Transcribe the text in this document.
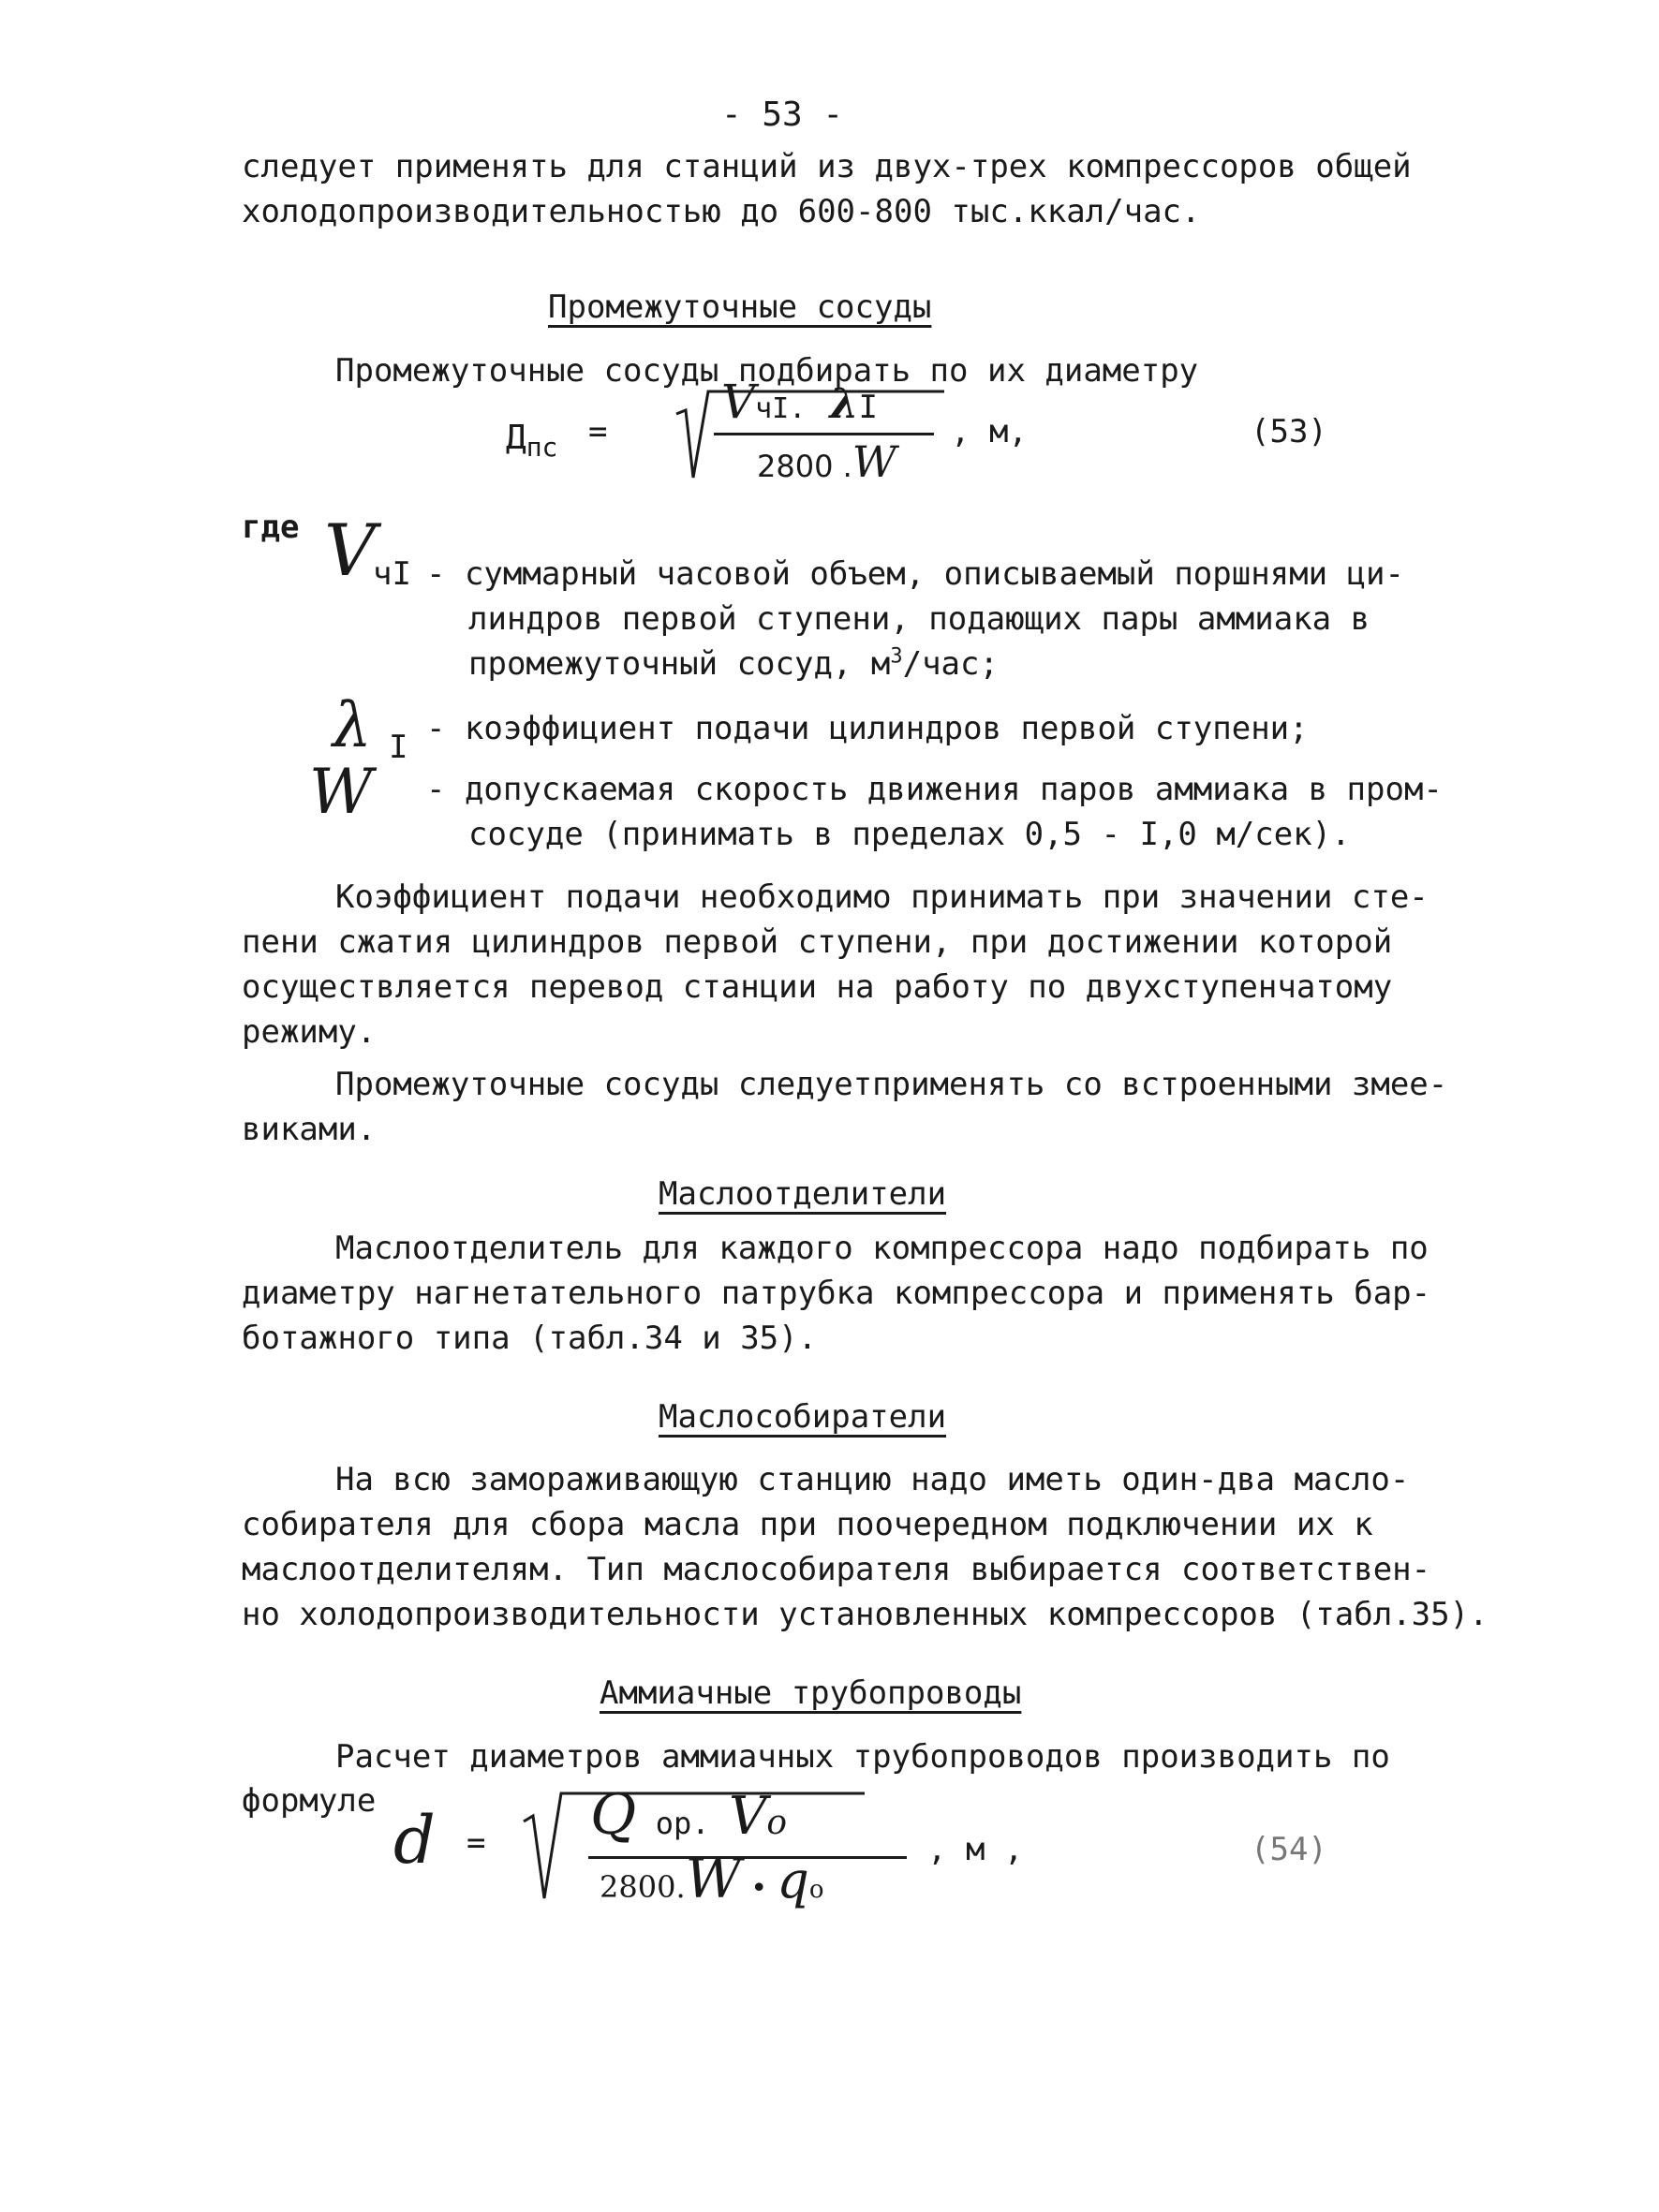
- 53 -
следует применять для станций из двух-трех компрессоров общей
холодопроизводительностью до 600-800 тыс.ккал/час.
Промежуточные сосуды
Промежуточные сосуды подбирать по их диаметру
$Д_{пс}$ =
VчI. λI
2800 .W
, м,	(53)
где V
чI - суммарный часовой объем, описываемый поршнями ци-
линдров первой ступени, подающих пары аммиака в
промежуточный сосуд, $м^3$/час;
λ I - коэффициент подачи цилиндров первой ступени;
W - допускаемая скорость движения паров аммиака в пром-
сосуде (принимать в пределах 0,5 - I,0 м/сек).
Коэффициент подачи необходимо принимать при значении сте-
пени сжатия цилиндров первой ступени, при достижении которой
осуществляется перевод станции на работу по двухступенчатому
режиму.
Промежуточные сосуды следуетприменять со встроенными змее-
виками.
Маслоотделители
Маслоотделитель для каждого компрессора надо подбирать по
диаметру нагнетательного патрубка компрессора и применять бар-
ботажного типа (табл.34 и 35).
Маслособиратели
На всю замораживающую станцию надо иметь один-два масло-
собирателя для сбора масла при поочередном подключении их к
маслоотделителям. Тип маслособирателя выбирается соответствен-
но холодопроизводительности установленных компрессоров (табл.35).
Аммиачные трубопроводы
Расчет диаметров аммиачных трубопроводов производить по
формуле
d = Q ор. Vo
2800.W • qo
, м ,	(54)
